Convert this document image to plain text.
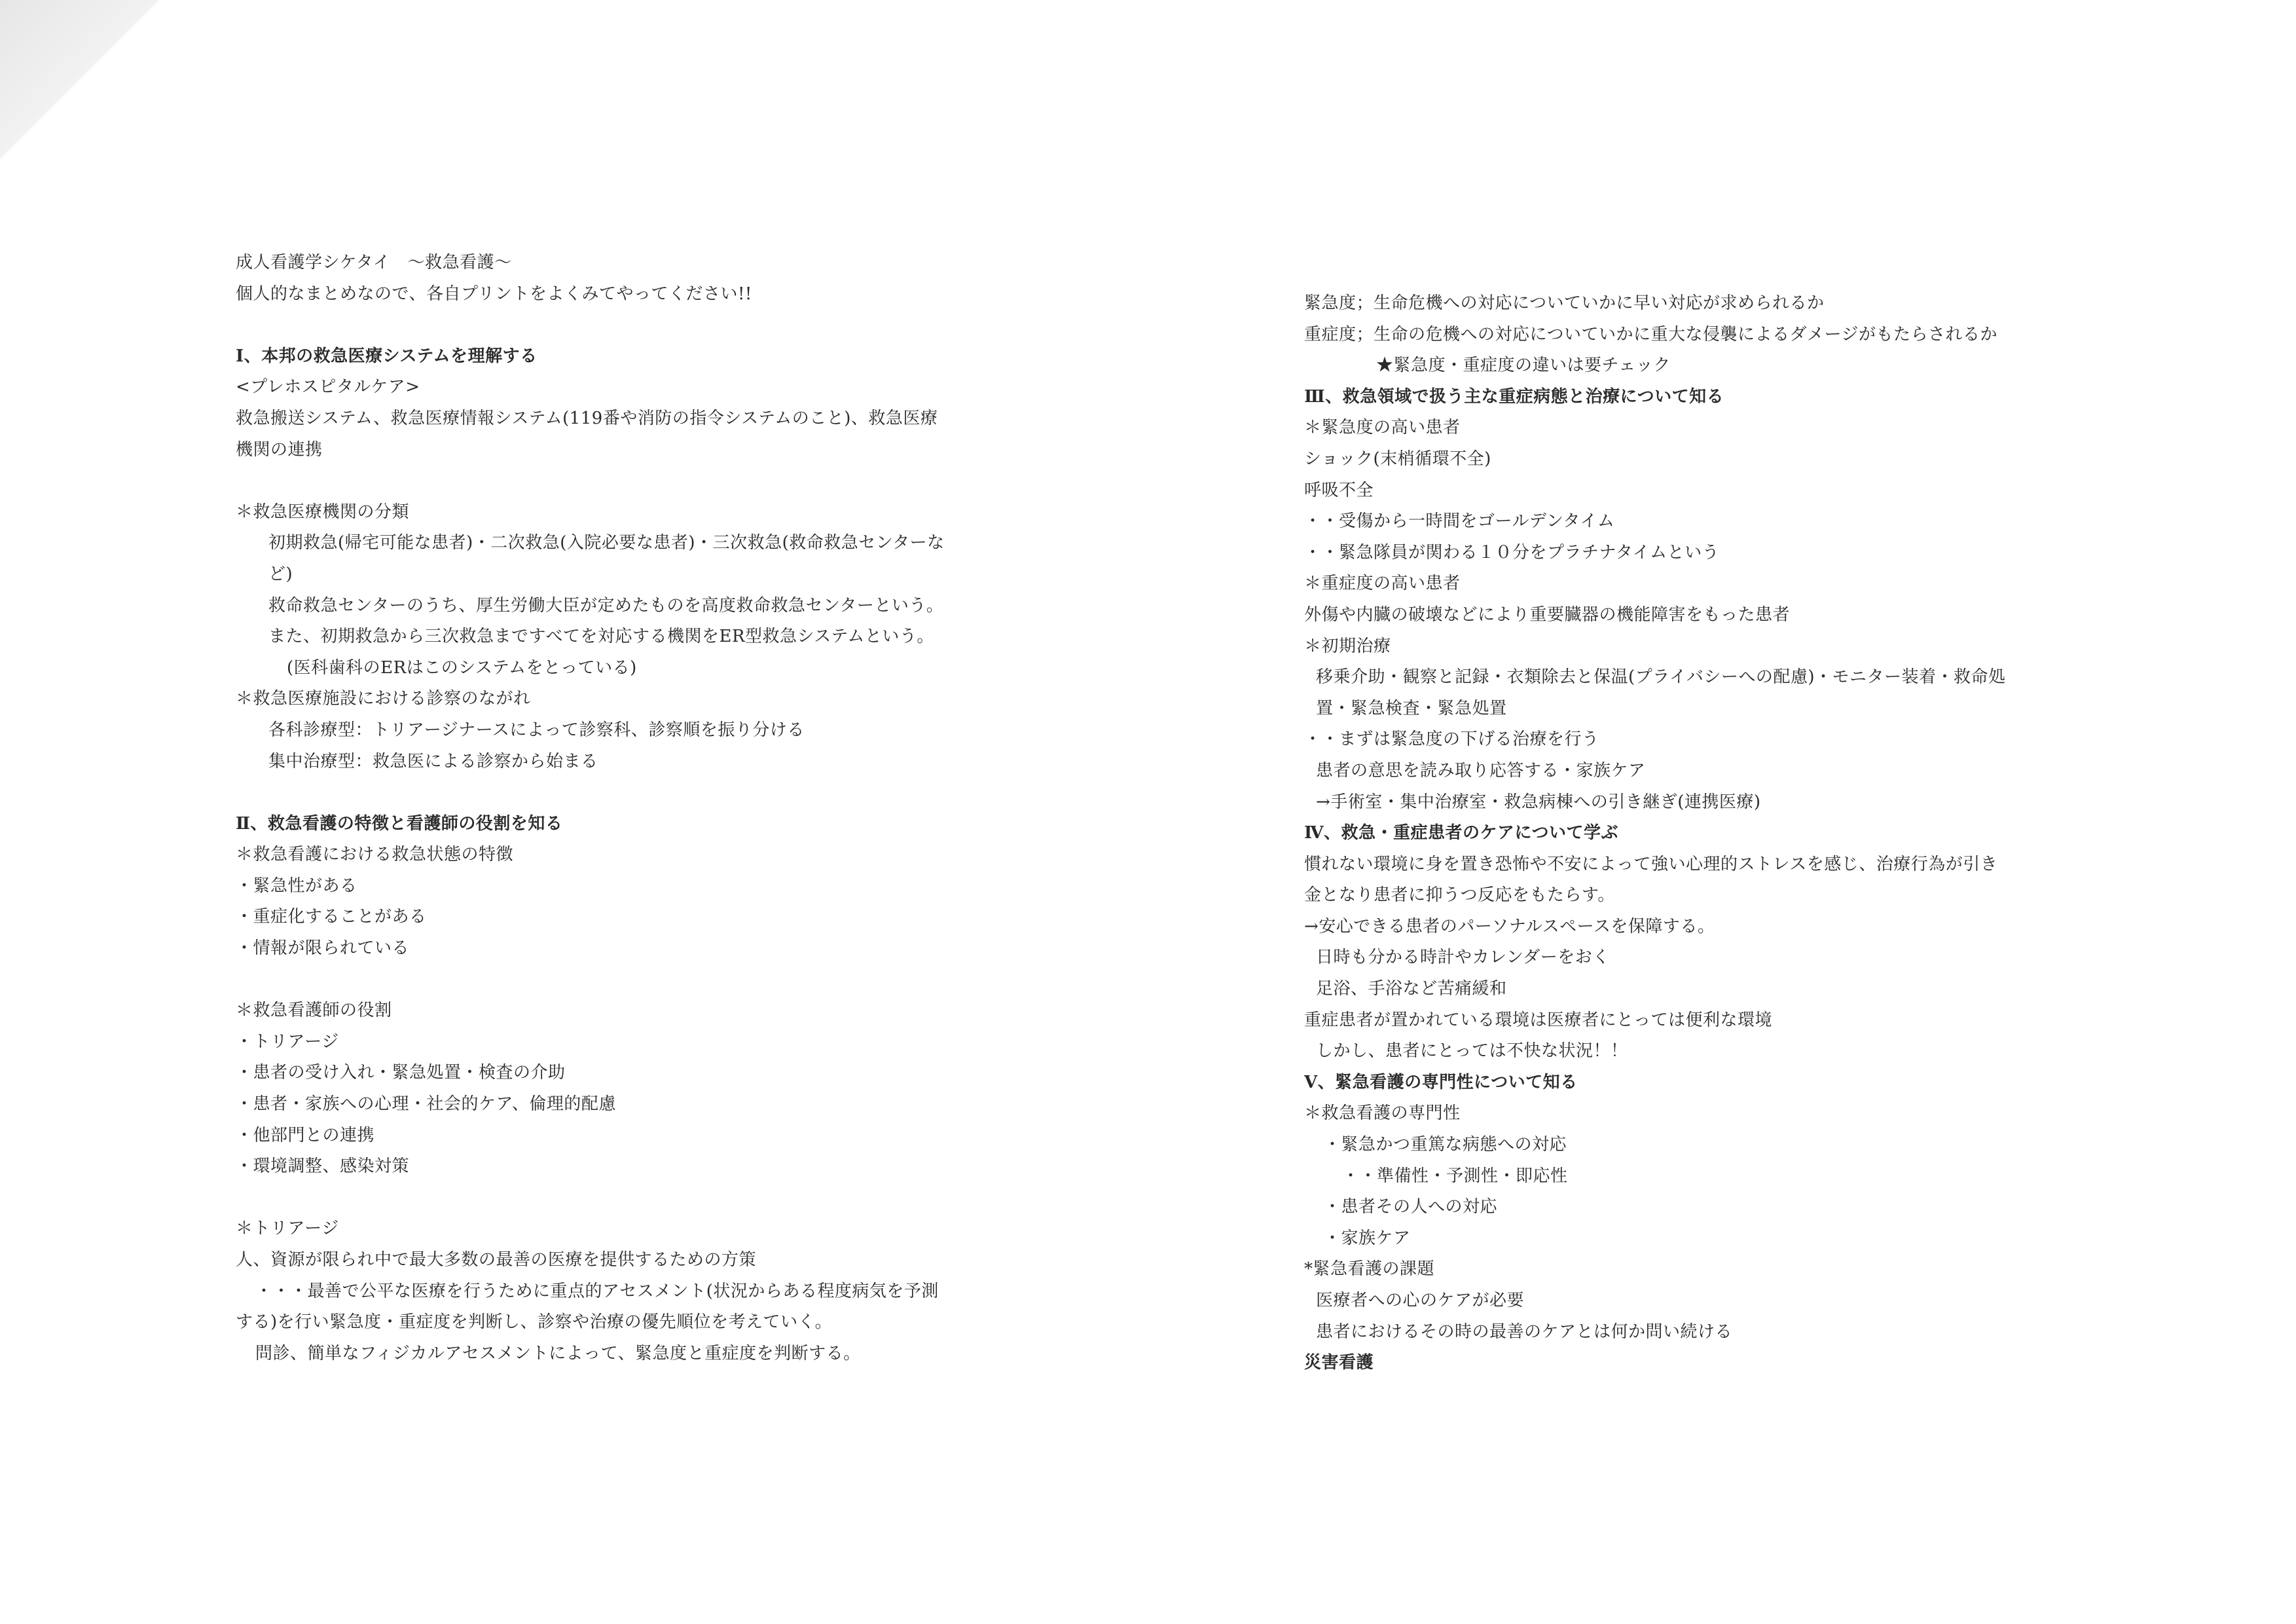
成人看護学シケタイ　～救急看護～
個人的なまとめなので、各自プリントをよくみてやってください!!
Ⅰ、本邦の救急医療システムを理解する
<プレホスピタルケア>
救急搬送システム、救急医療情報システム(119番や消防の指令システムのこと)、救急医療
機関の連携
＊救急医療機関の分類
初期救急(帰宅可能な患者)・二次救急(入院必要な患者)・三次救急(救命救急センターな
ど)
救命救急センターのうち、厚生労働大臣が定めたものを高度救命救急センターという。
また、初期救急から三次救急まですべてを対応する機関をER型救急システムという。
(医科歯科のERはこのシステムをとっている)
＊救急医療施設における診察のながれ
各科診療型：トリアージナースによって診察科、診察順を振り分ける
集中治療型：救急医による診察から始まる
Ⅱ、救急看護の特徴と看護師の役割を知る
＊救急看護における救急状態の特徴
・緊急性がある
・重症化することがある
・情報が限られている
＊救急看護師の役割
・トリアージ
・患者の受け入れ・緊急処置・検査の介助
・患者・家族への心理・社会的ケア、倫理的配慮
・他部門との連携
・環境調整、感染対策
＊トリアージ
人、資源が限られ中で最大多数の最善の医療を提供するための方策
・・・最善で公平な医療を行うために重点的アセスメント(状況からある程度病気を予測
する)を行い緊急度・重症度を判断し、診察や治療の優先順位を考えていく。
問診、簡単なフィジカルアセスメントによって、緊急度と重症度を判断する。
緊急度；生命危機への対応についていかに早い対応が求められるか
重症度；生命の危機への対応についていかに重大な侵襲によるダメージがもたらされるか
★緊急度・重症度の違いは要チェック
Ⅲ、救急領域で扱う主な重症病態と治療について知る
＊緊急度の高い患者
ショック(末梢循環不全)
呼吸不全
・・受傷から一時間をゴールデンタイム
・・緊急隊員が関わる１０分をプラチナタイムという
＊重症度の高い患者
外傷や内臓の破壊などにより重要臓器の機能障害をもった患者
＊初期治療
移乗介助・観察と記録・衣類除去と保温(プライバシーへの配慮)・モニター装着・救命処
置・緊急検査・緊急処置
・・まずは緊急度の下げる治療を行う
患者の意思を読み取り応答する・家族ケア
→手術室・集中治療室・救急病棟への引き継ぎ(連携医療)
Ⅳ、救急・重症患者のケアについて学ぶ
慣れない環境に身を置き恐怖や不安によって強い心理的ストレスを感じ、治療行為が引き
金となり患者に抑うつ反応をもたらす。
→安心できる患者のパーソナルスペースを保障する。
日時も分かる時計やカレンダーをおく
足浴、手浴など苦痛緩和
重症患者が置かれている環境は医療者にとっては便利な環境
しかし、患者にとっては不快な状況！！
Ⅴ、緊急看護の専門性について知る
＊救急看護の専門性
・緊急かつ重篤な病態への対応
・・準備性・予測性・即応性
・患者その人への対応
・家族ケア
*緊急看護の課題
医療者への心のケアが必要
患者におけるその時の最善のケアとは何か問い続ける
災害看護
